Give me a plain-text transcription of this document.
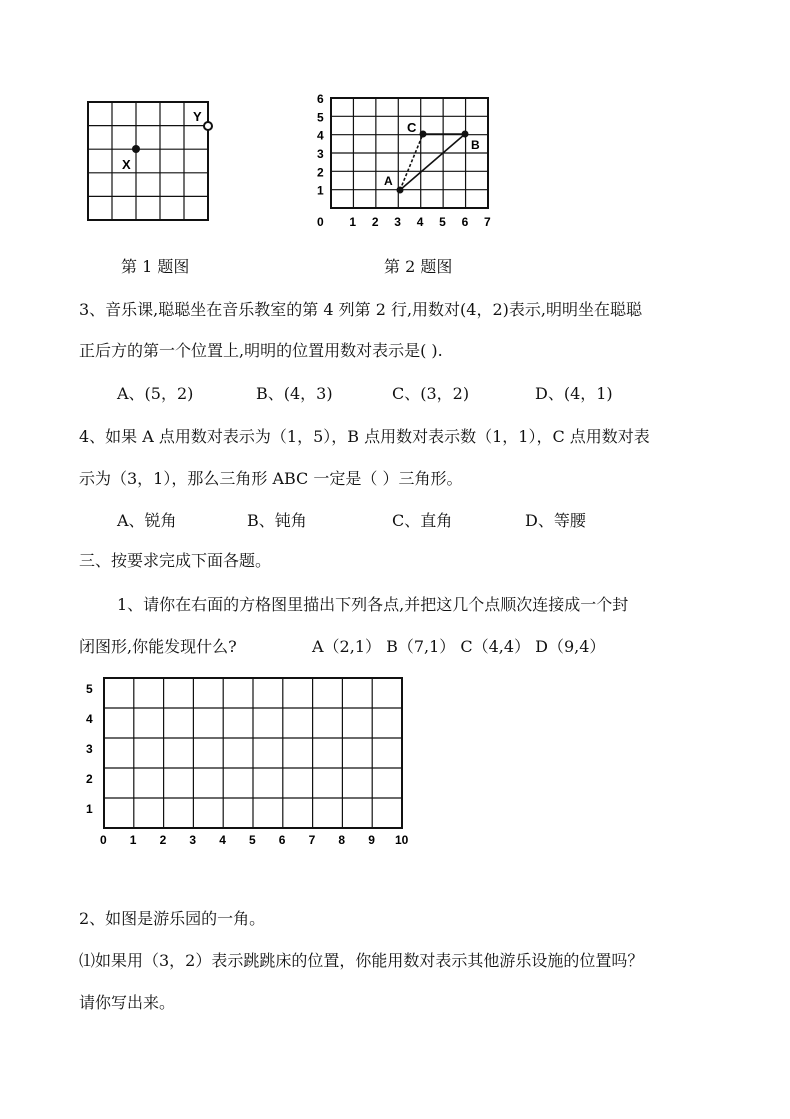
X
Y
0 1 2 3 4 5 6 7
1
2
3
4
5
6
A
C
B
第 1 题图	第 2 题图
3、音乐课,聪聪坐在音乐教室的第 4 列第 2 行,用数对(4，2)表示,明明坐在聪聪
正后方的第一个位置上,明明的位置用数对表示是( ).
A、(5，2)	B、(4，3)	C、(3，2)	D、(4，1)
4、如果 A 点用数对表示为（1，5），B 点用数对表示数（1，1），C 点用数对表
示为（3，1），那么三角形 ABC 一定是（ ）三角形。
A、锐角	B、钝角	C、直角	D、等腰
三、按要求完成下面各题。
1、请你在右面的方格图里描出下列各点,并把这几个点顺次连接成一个封
闭图形,你能发现什么?	A（2,1） B（7,1） C（4,4） D（9,4）
0 1 2 3 4 5 6 7 8 9 10
1
2
3
4
5
2、如图是游乐园的一角。
⑴如果用（3，2）表示跳跳床的位置，你能用数对表示其他游乐设施的位置吗？
请你写出来。
